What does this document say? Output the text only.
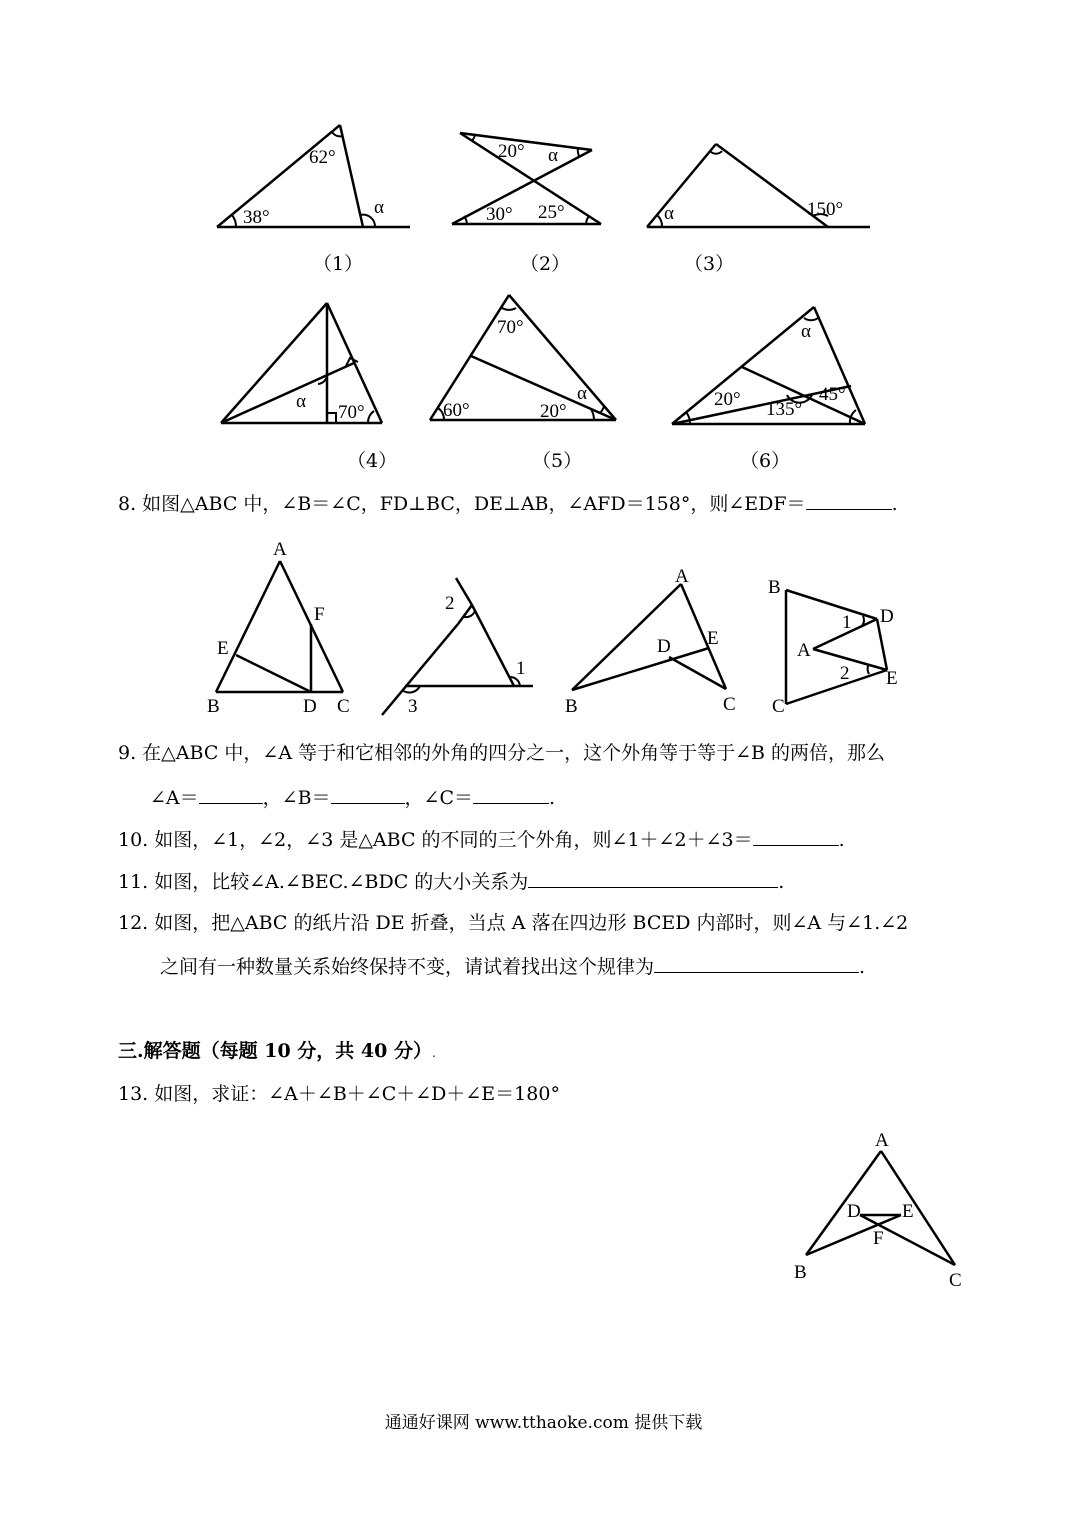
38°
62°
α
20° α
30° 25°	α	150°
α
70°
70°
60°	20°
α
α
20° 135°
45°
A
F
E
B	D C
2
1
3
A
D E
B	C
B
D
1
A
2 E
C
A
D E
F
B	C
（1）	（2）	（3）
（4）	（5）	（6）
8. 如图△ABC 中，∠B＝∠C，FD⊥BC，DE⊥AB，∠AFD＝158°，则∠EDF＝	.
9. 在△ABC 中，∠A 等于和它相邻的外角的四分之一，这个外角等于等于∠B 的两倍，那么
∠A＝	，∠B＝	，∠C＝	.
10. 如图，∠1，∠2，∠3 是△ABC 的不同的三个外角，则∠1＋∠2＋∠3＝	.
11. 如图，比较∠A.∠BEC.∠BDC 的大小关系为	.
12. 如图，把△ABC 的纸片沿 DE 折叠，当点 A 落在四边形 BCED 内部时，则∠A 与∠1.∠2
之间有一种数量关系始终保持不变，请试着找出这个规律为	.
三.解答题（每题 10 分，共 40 分）.
13. 如图，求证：∠A＋∠B＋∠C＋∠D＋∠E＝180°
通通好课网 www.tthaoke.com 提供下载
